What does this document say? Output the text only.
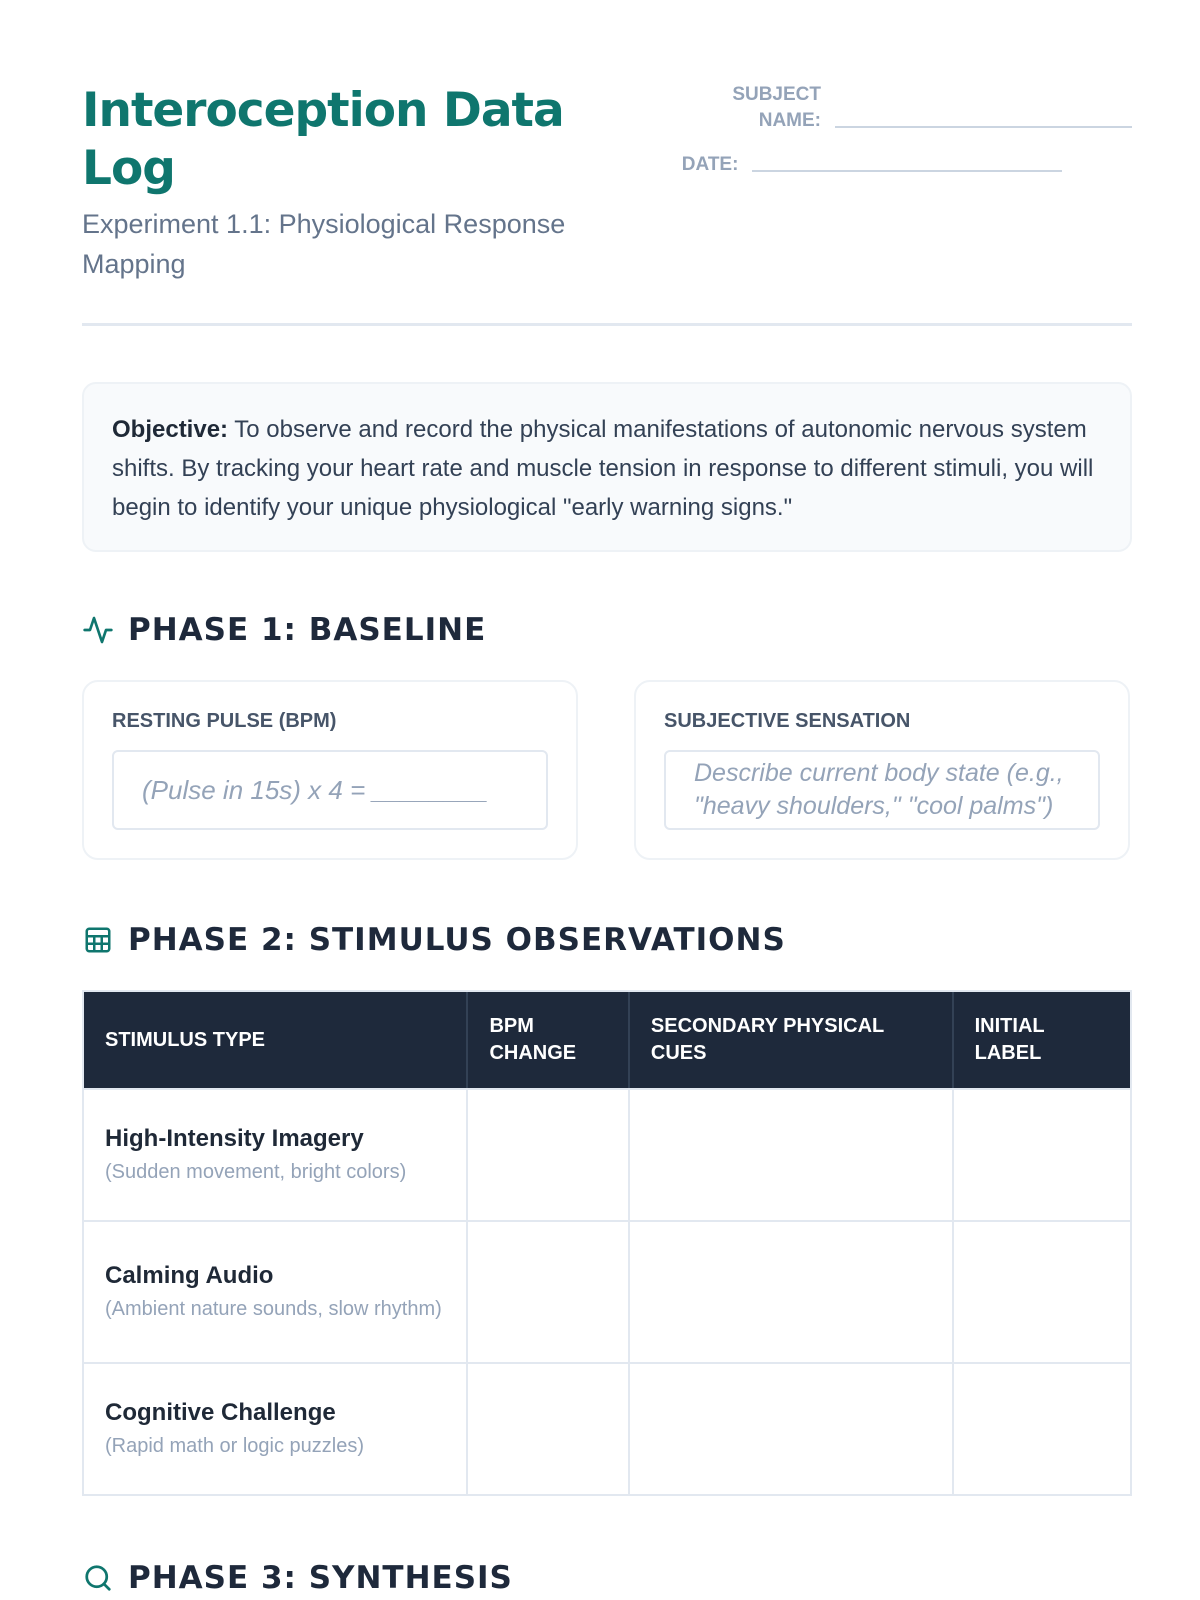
Interoception Data Log
Experiment 1.1: Physiological Response Mapping
SUBJECT
NAME:
DATE:
Objective: To observe and record the physical manifestations of autonomic nervous system shifts. By tracking your heart rate and muscle tension in response to different stimuli, you will begin to identify your unique physiological "early warning signs."
PHASE 1: BASELINE
RESTING PULSE (BPM)
(Pulse in 15s) x 4 = ________
SUBJECTIVE SENSATION
Describe current body state (e.g., "heavy shoulders," "cool palms")
PHASE 2: STIMULUS OBSERVATIONS
STIMULUS TYPE
BPM CHANGE
SECONDARY PHYSICAL CUES
INITIAL LABEL
High-Intensity Imagery
(Sudden movement, bright colors)
Calming Audio
(Ambient nature sounds, slow rhythm)
Cognitive Challenge
(Rapid math or logic puzzles)
PHASE 3: SYNTHESIS
